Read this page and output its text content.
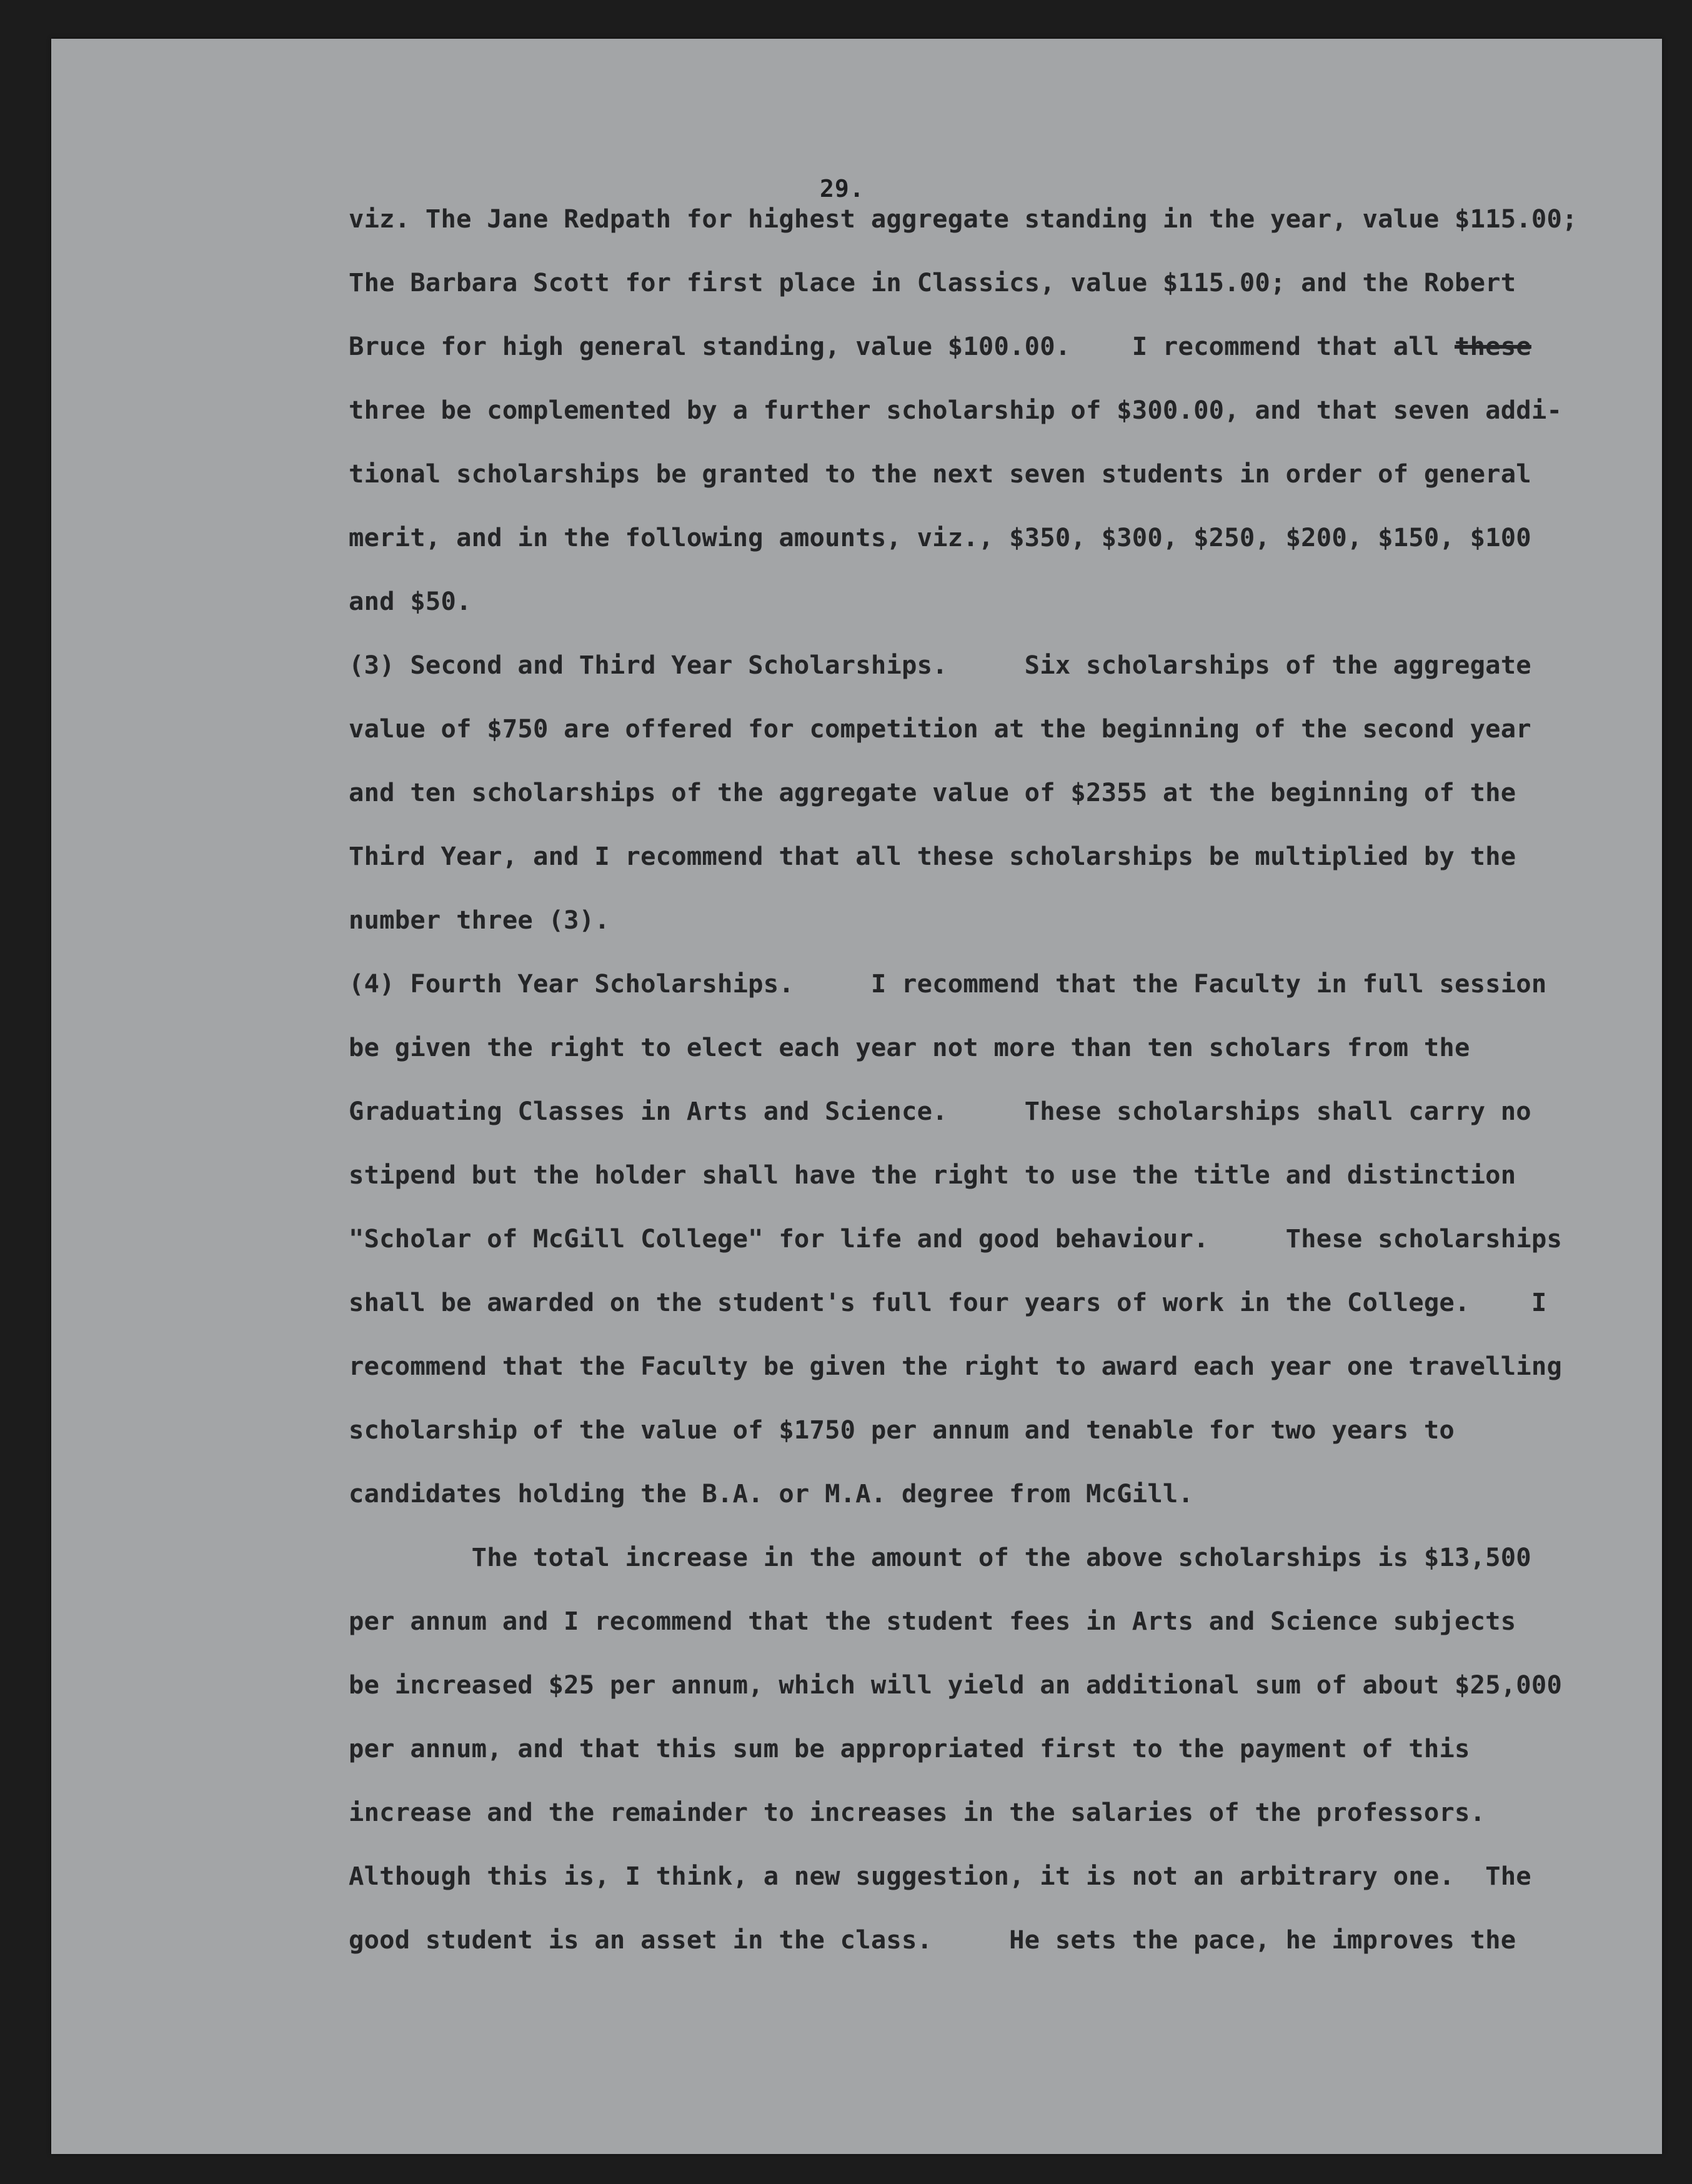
29.
viz. The Jane Redpath for highest aggregate standing in the year, value $115.00;
The Barbara Scott for first place in Classics, value $115.00; and the Robert
Bruce for high general standing, value $100.00.    I recommend that all these
three be complemented by a further scholarship of $300.00, and that seven addi-
tional scholarships be granted to the next seven students in order of general
merit, and in the following amounts, viz., $350, $300, $250, $200, $150, $100
and $50.
(3) Second and Third Year Scholarships.     Six scholarships of the aggregate
value of $750 are offered for competition at the beginning of the second year
and ten scholarships of the aggregate value of $2355 at the beginning of the
Third Year, and I recommend that all these scholarships be multiplied by the
number three (3).
(4) Fourth Year Scholarships.     I recommend that the Faculty in full session
be given the right to elect each year not more than ten scholars from the
Graduating Classes in Arts and Science.     These scholarships shall carry no
stipend but the holder shall have the right to use the title and distinction
"Scholar of McGill College" for life and good behaviour.     These scholarships
shall be awarded on the student's full four years of work in the College.    I
recommend that the Faculty be given the right to award each year one travelling
scholarship of the value of $1750 per annum and tenable for two years to
candidates holding the B.A. or M.A. degree from McGill.
The total increase in the amount of the above scholarships is $13,500
per annum and I recommend that the student fees in Arts and Science subjects
be increased $25 per annum, which will yield an additional sum of about $25,000
per annum, and that this sum be appropriated first to the payment of this
increase and the remainder to increases in the salaries of the professors.
Although this is, I think, a new suggestion, it is not an arbitrary one.  The
good student is an asset in the class.     He sets the pace, he improves the
